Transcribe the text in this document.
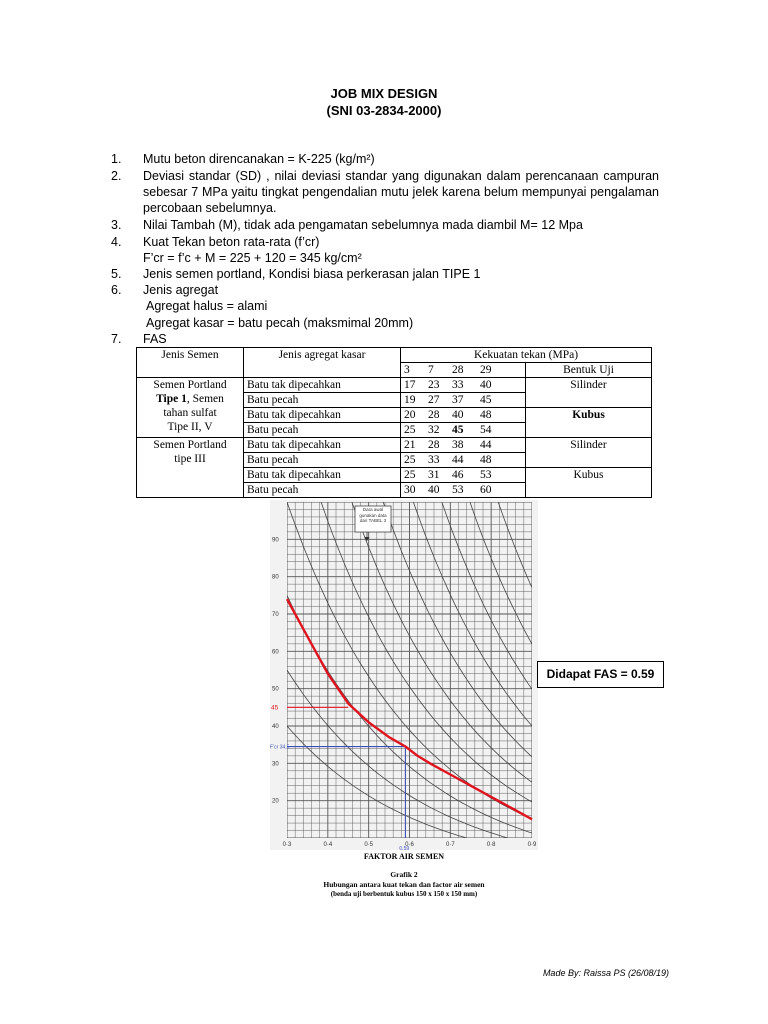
JOB MIX DESIGN
(SNI 03-2834-2000)
1.	Mutu beton direncanakan = K-225 (kg/m²)
2.	Deviasi standar (SD) , nilai deviasi standar yang digunakan dalam perencanaan campuran sebesar 7 MPa yaitu tingkat pengendalian mutu jelek karena belum mempunyai pengalaman percobaan sebelumnya.
3.	Nilai Tambah (M), tidak ada pengamatan sebelumnya mada diambil M= 12 Mpa
4.	Kuat Tekan beton rata-rata (f’cr)
F’cr = f’c + M = 225 + 120 = 345 kg/cm²
5.	Jenis semen portland, Kondisi biasa perkerasan jalan TIPE 1
6.	Jenis agregat
Agregat halus = alami
Agregat kasar = batu pecah (maksmimal 20mm)
7.	FAS
Jenis Semen	Jenis agregat kasar	Kekuatan tekan (MPa)	
		3 7 28 29	Bentuk Uji
Semen Portland
Tipe 1, Semen
tahan sulfat
Tipe II, V	Batu tak dipecahkan	17 23 33 40	Silinder
	Batu pecah	19 27 37 45	
	Batu tak dipecahkan	20 28 40 48	Kubus
	Batu pecah	25 32 45 54	
Semen Portland
tipe III	Batu tak dipecahkan	21 28 38 44	Silinder
	Batu pecah	25 33 44 48	
	Batu tak dipecahkan	25 31 46 53	Kubus
	Batu pecah	30 40 53 60	
0·3	0·4	0·5	0·6	0·7	0·8	0·9
20
30
40
50
60
70
80
90
45
F’cr 34,5
0,59
Dara awal gunakan data dari TABEL 3
Didapat FAS = 0.59
FAKTOR AIR SEMEN
Grafik 2
Hubungan antara kuat tekan dan factor air semen
(benda uji berbentuk kubus 150 x 150 x 150 mm)
Made By: Raissa PS (26/08/19)
